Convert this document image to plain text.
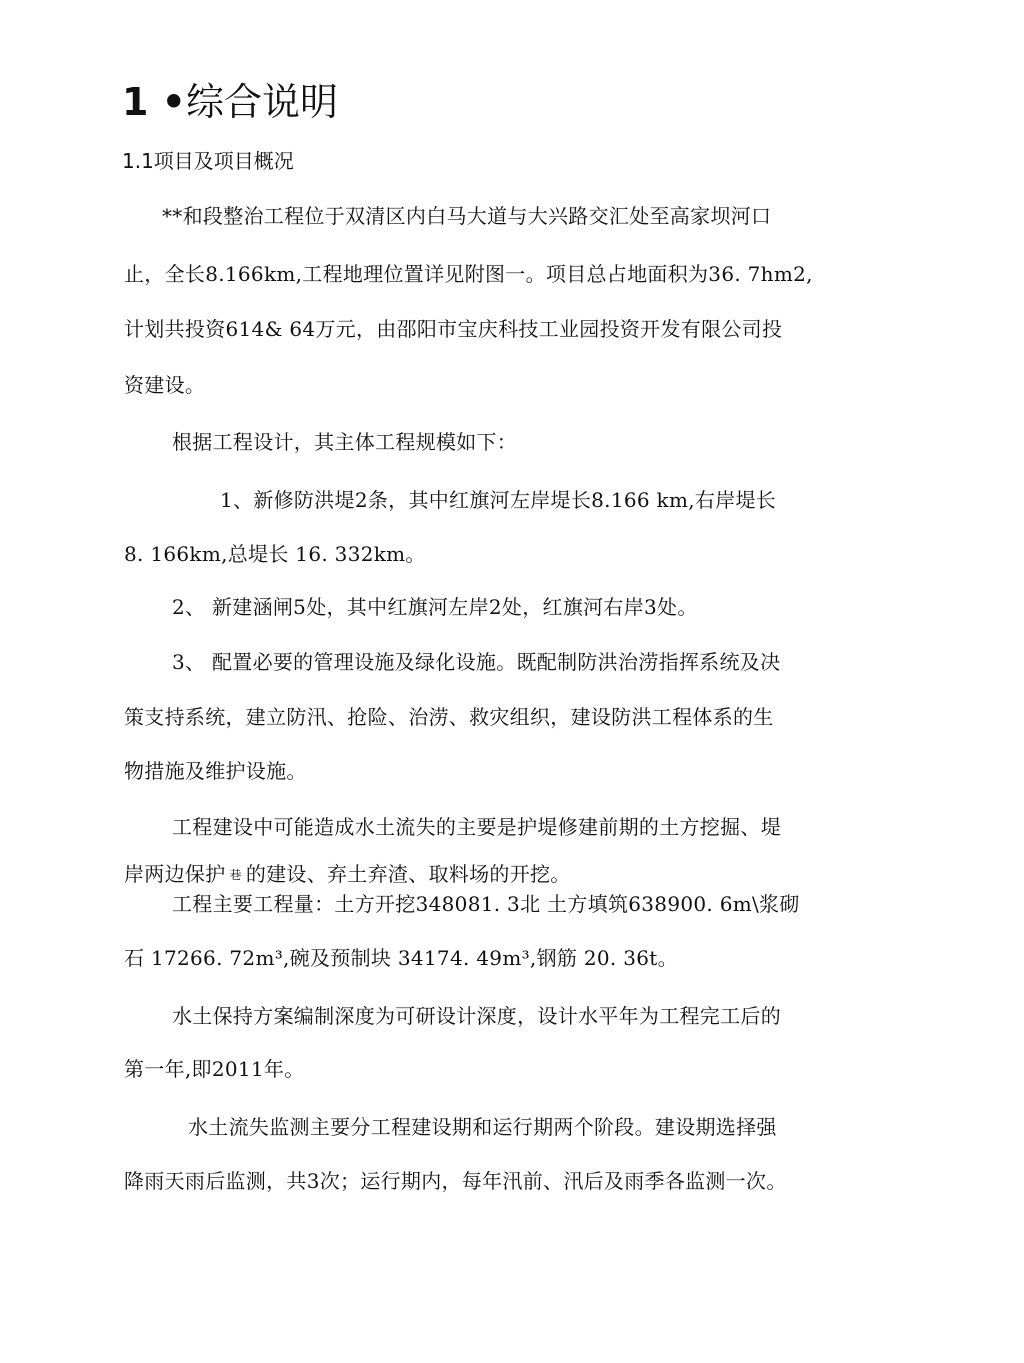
1 •综合说明
1.1项目及项目概况
**和段整治工程位于双清区内白马大道与大兴路交汇处至高家坝河口
止，全长8.166km,工程地理位置详见附图一。项目总占地面积为36. 7hm2,
计划共投资614& 64万元，由邵阳市宝庆科技工业园投资开发有限公司投
资建设。
根据工程设计，其主体工程规模如下：
1、新修防洪堤2条，其中红旗河左岸堤长8.166 km,右岸堤长
8. 166km,总堤长 16. 332km。
2、 新建涵闸5处，其中红旗河左岸2处，红旗河右岸3处。
3、 配置必要的管理设施及绿化设施。既配制防洪治涝指挥系统及决
策支持系统，建立防汛、抢险、治涝、救灾组织，建设防洪工程体系的生
物措施及维护设施。
工程建设中可能造成水土流失的主要是护堤修建前期的土方挖掘、堤
岸两边保护 巷 的建设、弃土弃渣、取料场的开挖。
工程主要工程量：土方开挖348081. 3北 土方填筑638900. 6m\浆砌
石 17266. 72m³,碗及预制块 34174. 49m³,钢筋 20. 36t。
水土保持方案编制深度为可研设计深度，设计水平年为工程完工后的
第一年,即2011年。
水土流失监测主要分工程建设期和运行期两个阶段。建设期选择强
降雨天雨后监测，共3次；运行期内，每年汛前、汛后及雨季各监测一次。
